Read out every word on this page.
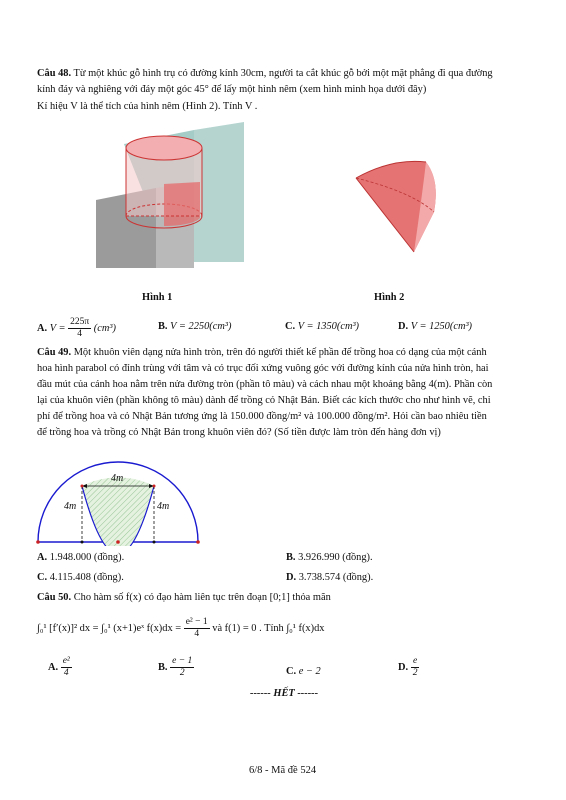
Câu 48. Từ một khúc gỗ hình trụ có đường kính 30cm, người ta cắt khúc gỗ bởi một mặt phẳng đi qua đường
kính đáy và nghiêng với đáy một góc 45° để lấy một hình nêm (xem hình minh họa dưới đây)
Kí hiệu V là thể tích của hình nêm (Hình 2). Tính V .
Hình 1	Hình 2
A. $V = \frac{225\pi}{4} (cm^3)$	B. V = 2250(cm³)	C. V = 1350(cm³)	D. V = 1250(cm³)
Câu 49. Một khuôn viên dạng nửa hình tròn, trên đó người thiết kế phần để trồng hoa có dạng của một cánh
hoa hình parabol có đỉnh trùng với tâm và có trục đối xứng vuông góc với đường kính của nửa hình tròn, hai
đầu mút của cánh hoa nằm trên nửa đường tròn (phần tô màu) và cách nhau một khoảng bằng 4(m). Phần còn
lại của khuôn viên (phần không tô màu) dành để trồng cỏ Nhật Bản. Biết các kích thước cho như hình vẽ, chi
phí để trồng hoa và cỏ Nhật Bản tương ứng là 150.000 đồng/m² và 100.000 đồng/m². Hỏi cần bao nhiêu tiền
để trồng hoa và trồng cỏ Nhật Bản trong khuôn viên đó? (Số tiền được làm tròn đến hàng đơn vị)
4m
4m	4m
A. 1.948.000 (đồng).	B. 3.926.990 (đồng).
C. 4.115.408 (đồng).	D. 3.738.574 (đồng).
Câu 50. Cho hàm số f(x) có đạo hàm liên tục trên đoạn [0;1] thỏa mãn
∫₀¹ [f′(x)]² dx = ∫₀¹ (x+1)eˣ $f(x)dx = \frac{\text{e² − 1}}{4}$ và f(1) = 0 . Tính ∫₀¹ f(x)dx
A. $\frac{\text{e²}}{4}$	B. $\frac{e - 1}{2}$	C. e − 2	D. $\frac{e}{2}$
------ HẾT ------
6/8 - Mã đề 524
